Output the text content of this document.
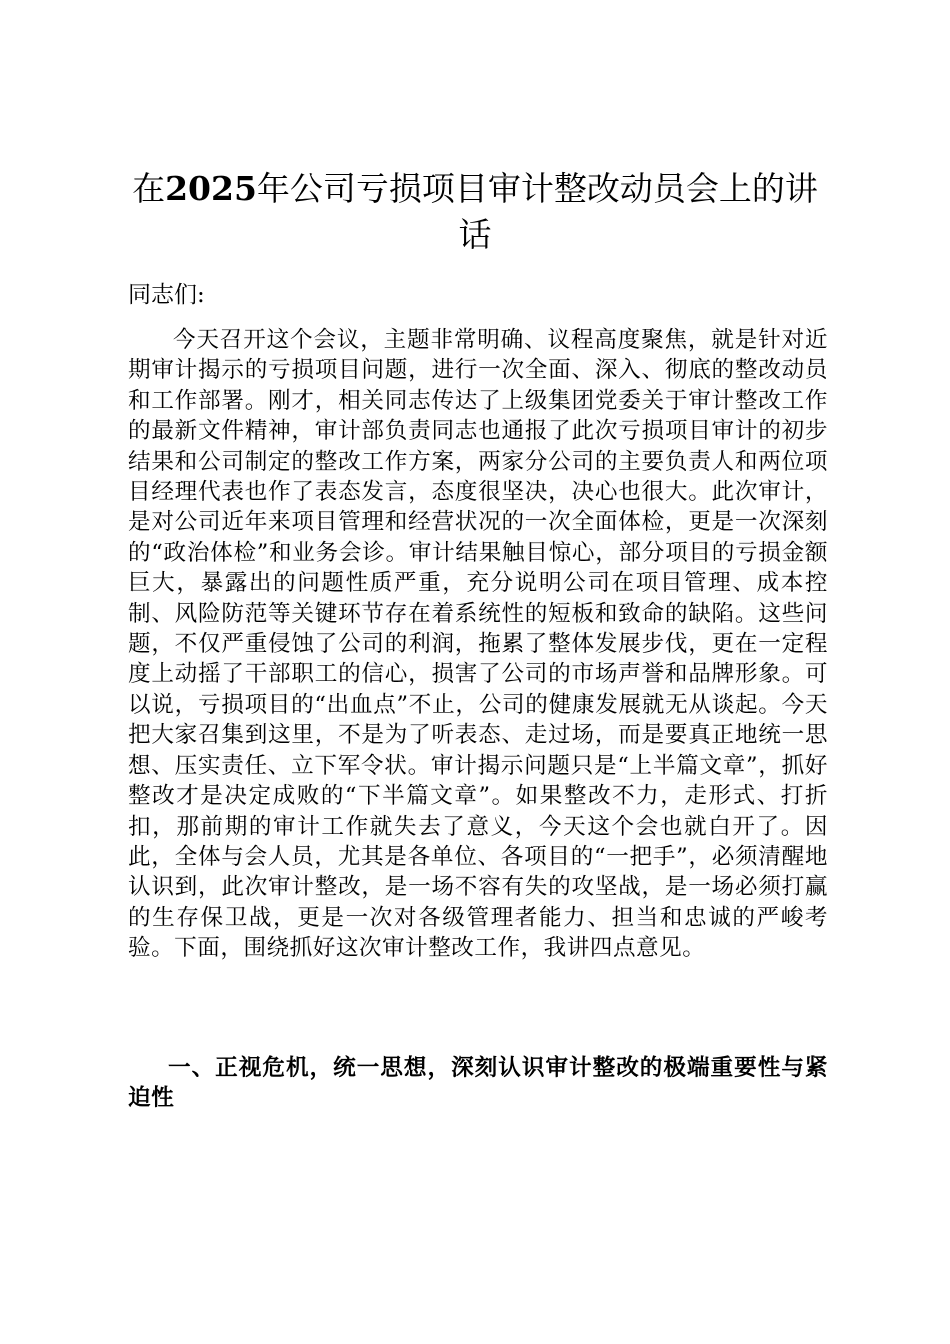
在2025年公司亏损项目审计整改动员会上的讲话

同志们:

今天召开这个会议，主题非常明确、议程高度聚焦，就是针对近期审计揭示的亏损项目问题，进行一次全面、深入、彻底的整改动员和工作部署。刚才，相关同志传达了上级集团党委关于审计整改工作的最新文件精神，审计部负责同志也通报了此次亏损项目审计的初步结果和公司制定的整改工作方案，两家分公司的主要负责人和两位项目经理代表也作了表态发言，态度很坚决，决心也很大。此次审计，是对公司近年来项目管理和经营状况的一次全面体检，更是一次深刻的“政治体检”和业务会诊。审计结果触目惊心，部分项目的亏损金额巨大，暴露出的问题性质严重，充分说明公司在项目管理、成本控制、风险防范等关键环节存在着系统性的短板和致命的缺陷。这些问题，不仅严重侵蚀了公司的利润，拖累了整体发展步伐，更在一定程度上动摇了干部职工的信心，损害了公司的市场声誉和品牌形象。可以说，亏损项目的“出血点”不止，公司的健康发展就无从谈起。今天把大家召集到这里，不是为了听表态、走过场，而是要真正地统一思想、压实责任、立下军令状。审计揭示问题只是“上半篇文章”，抓好整改才是决定成败的“下半篇文章”。如果整改不力，走形式、打折扣，那前期的审计工作就失去了意义，今天这个会也就白开了。因此，全体与会人员，尤其是各单位、各项目的“一把手”，必须清醒地认识到，此次审计整改，是一场不容有失的攻坚战，是一场必须打赢的生存保卫战，更是一次对各级管理者能力、担当和忠诚的严峻考验。下面，围绕抓好这次审计整改工作，我讲四点意见。

一、正视危机，统一思想，深刻认识审计整改的极端重要性与紧迫性
